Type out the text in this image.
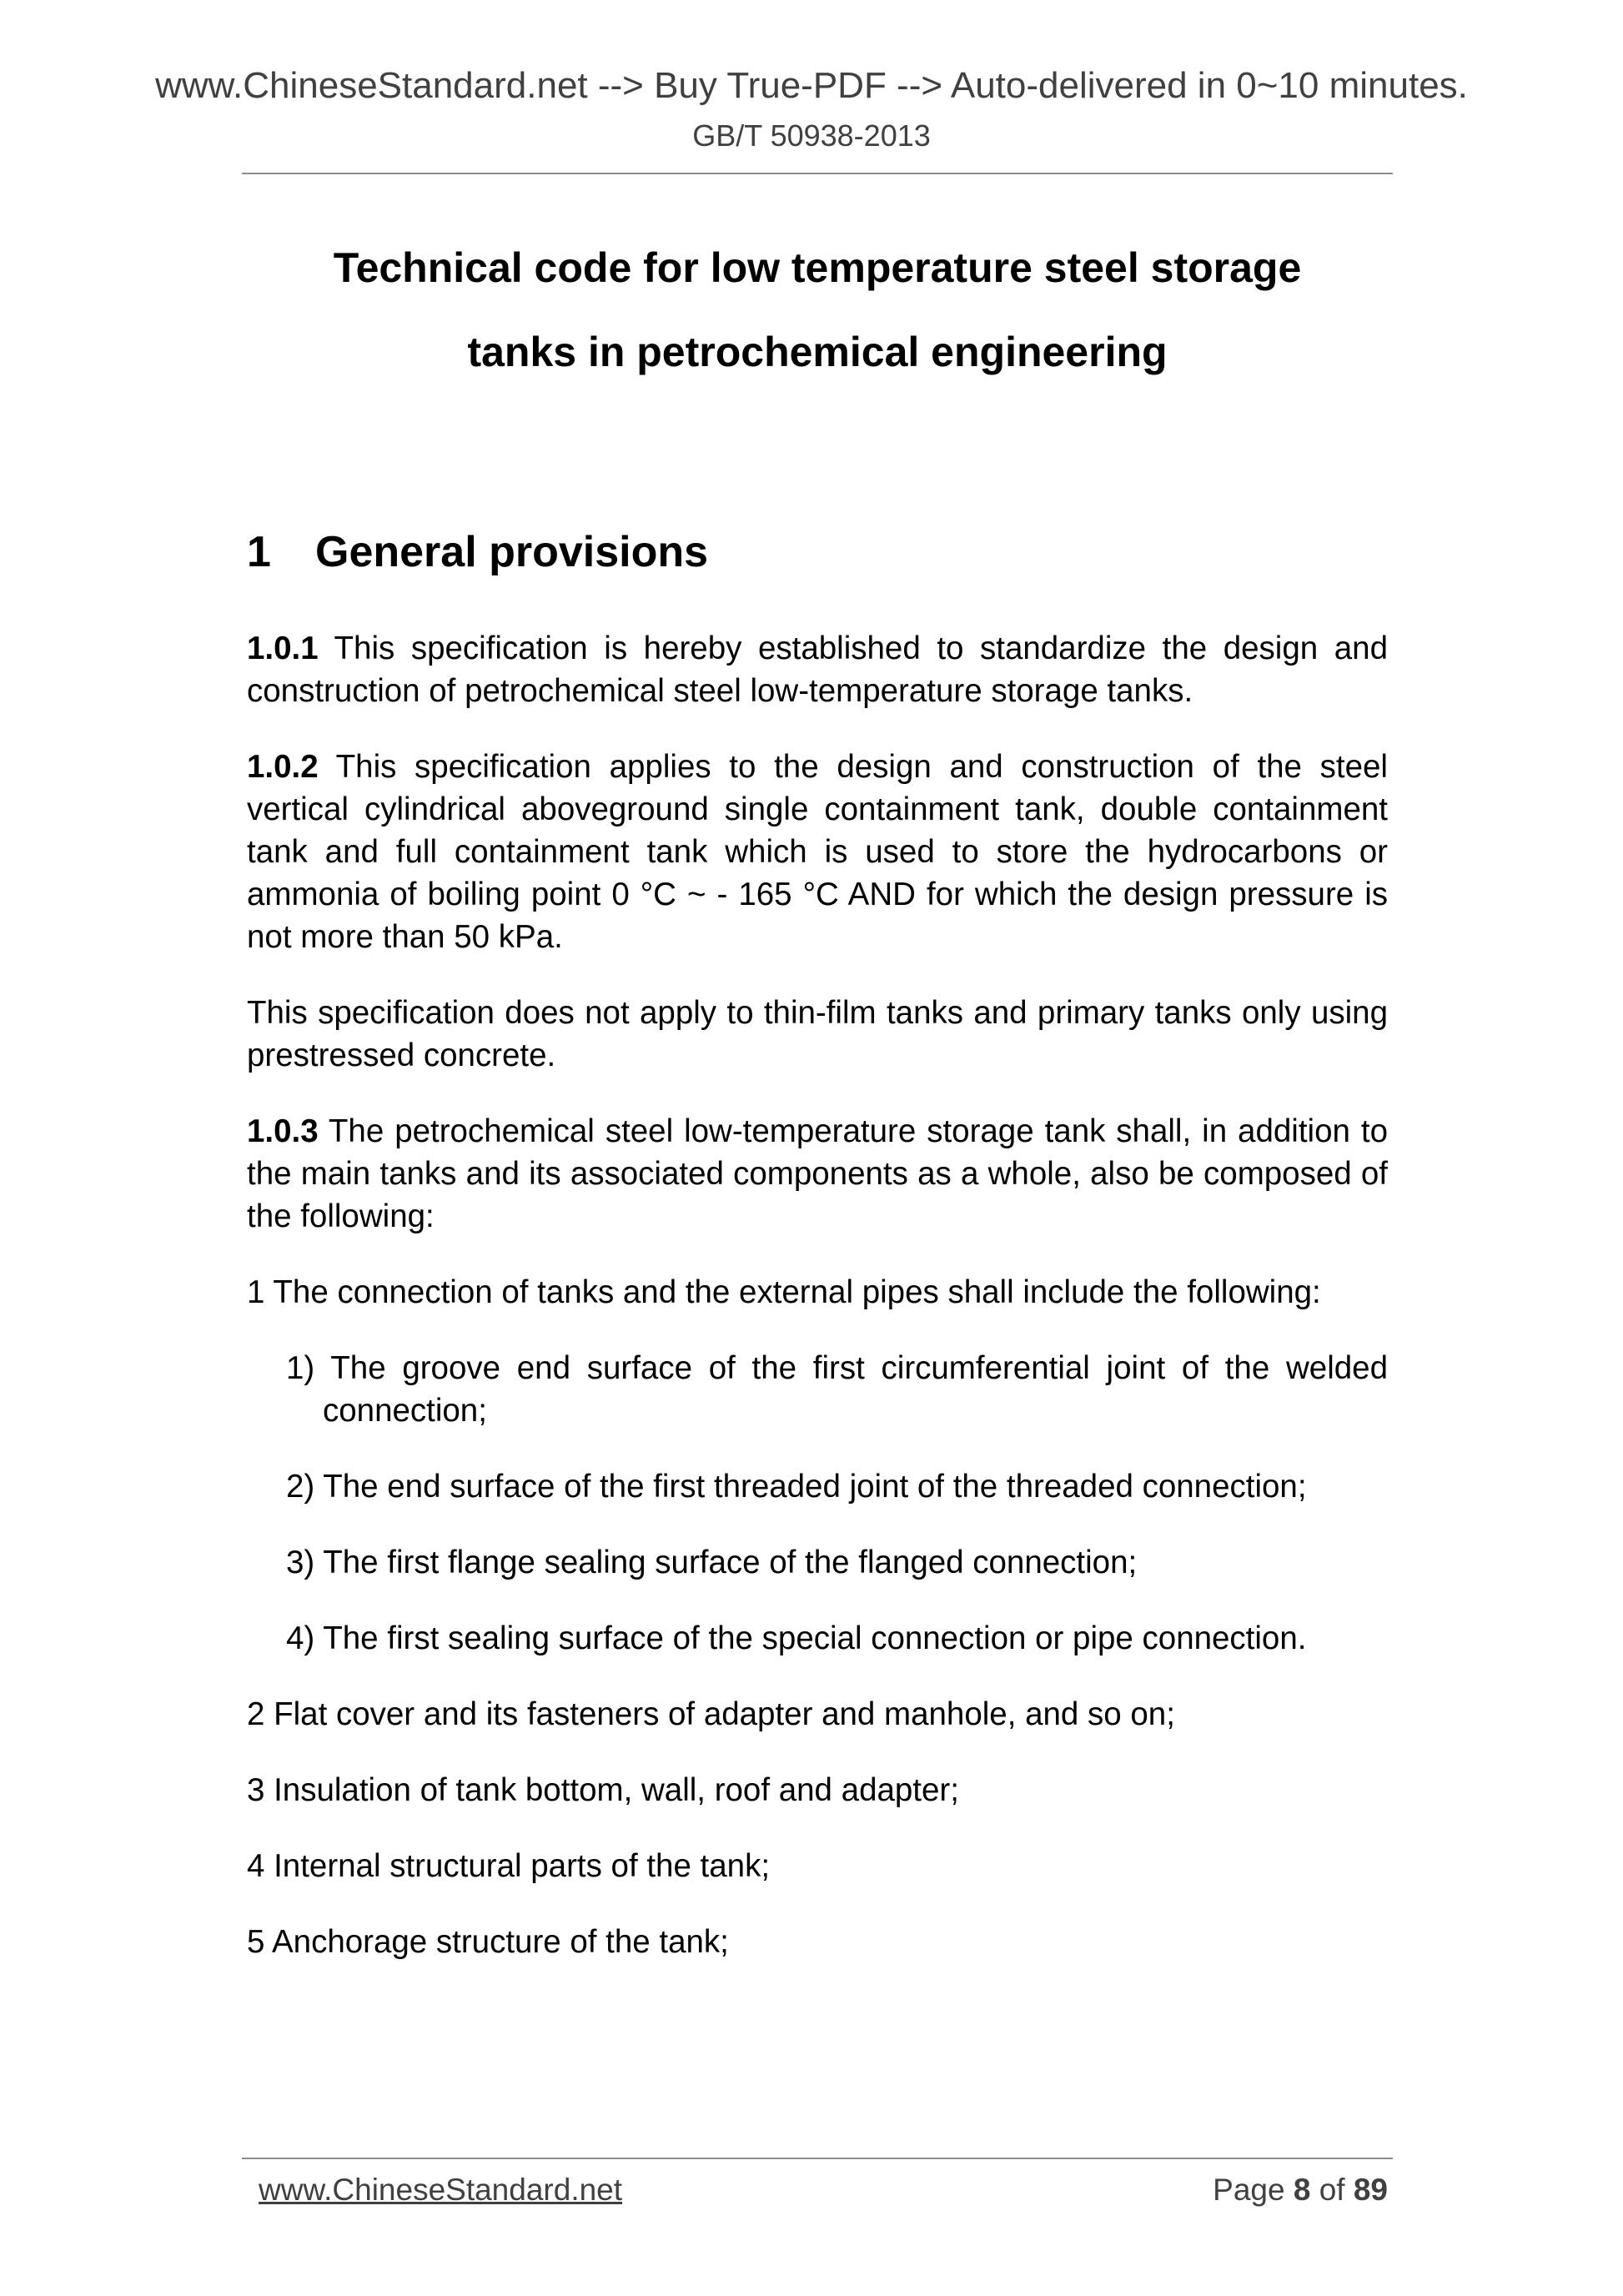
www.ChineseStandard.net --> Buy True-PDF --> Auto-delivered in 0~10 minutes.
GB/T 50938-2013
Technical code for low temperature steel storage
tanks in petrochemical engineering
1 General provisions

1.0.1 This specification is hereby established to standardize the design and construction of petrochemical steel low-temperature storage tanks.

1.0.2 This specification applies to the design and construction of the steel vertical cylindrical aboveground single containment tank, double containment tank and full containment tank which is used to store the hydrocarbons or ammonia of boiling point 0 °C ~ - 165 °C AND for which the design pressure is not more than 50 kPa.

This specification does not apply to thin-film tanks and primary tanks only using prestressed concrete.

1.0.3 The petrochemical steel low-temperature storage tank shall, in addition to the main tanks and its associated components as a whole, also be composed of the following:

1 The connection of tanks and the external pipes shall include the following:

1) The groove end surface of the first circumferential joint of the welded connection;

2) The end surface of the first threaded joint of the threaded connection;

3) The first flange sealing surface of the flanged connection;

4) The first sealing surface of the special connection or pipe connection.

2 Flat cover and its fasteners of adapter and manhole, and so on;

3 Insulation of tank bottom, wall, roof and adapter;

4 Internal structural parts of the tank;

5 Anchorage structure of the tank;

www.ChineseStandard.net	Page 8 of 89
